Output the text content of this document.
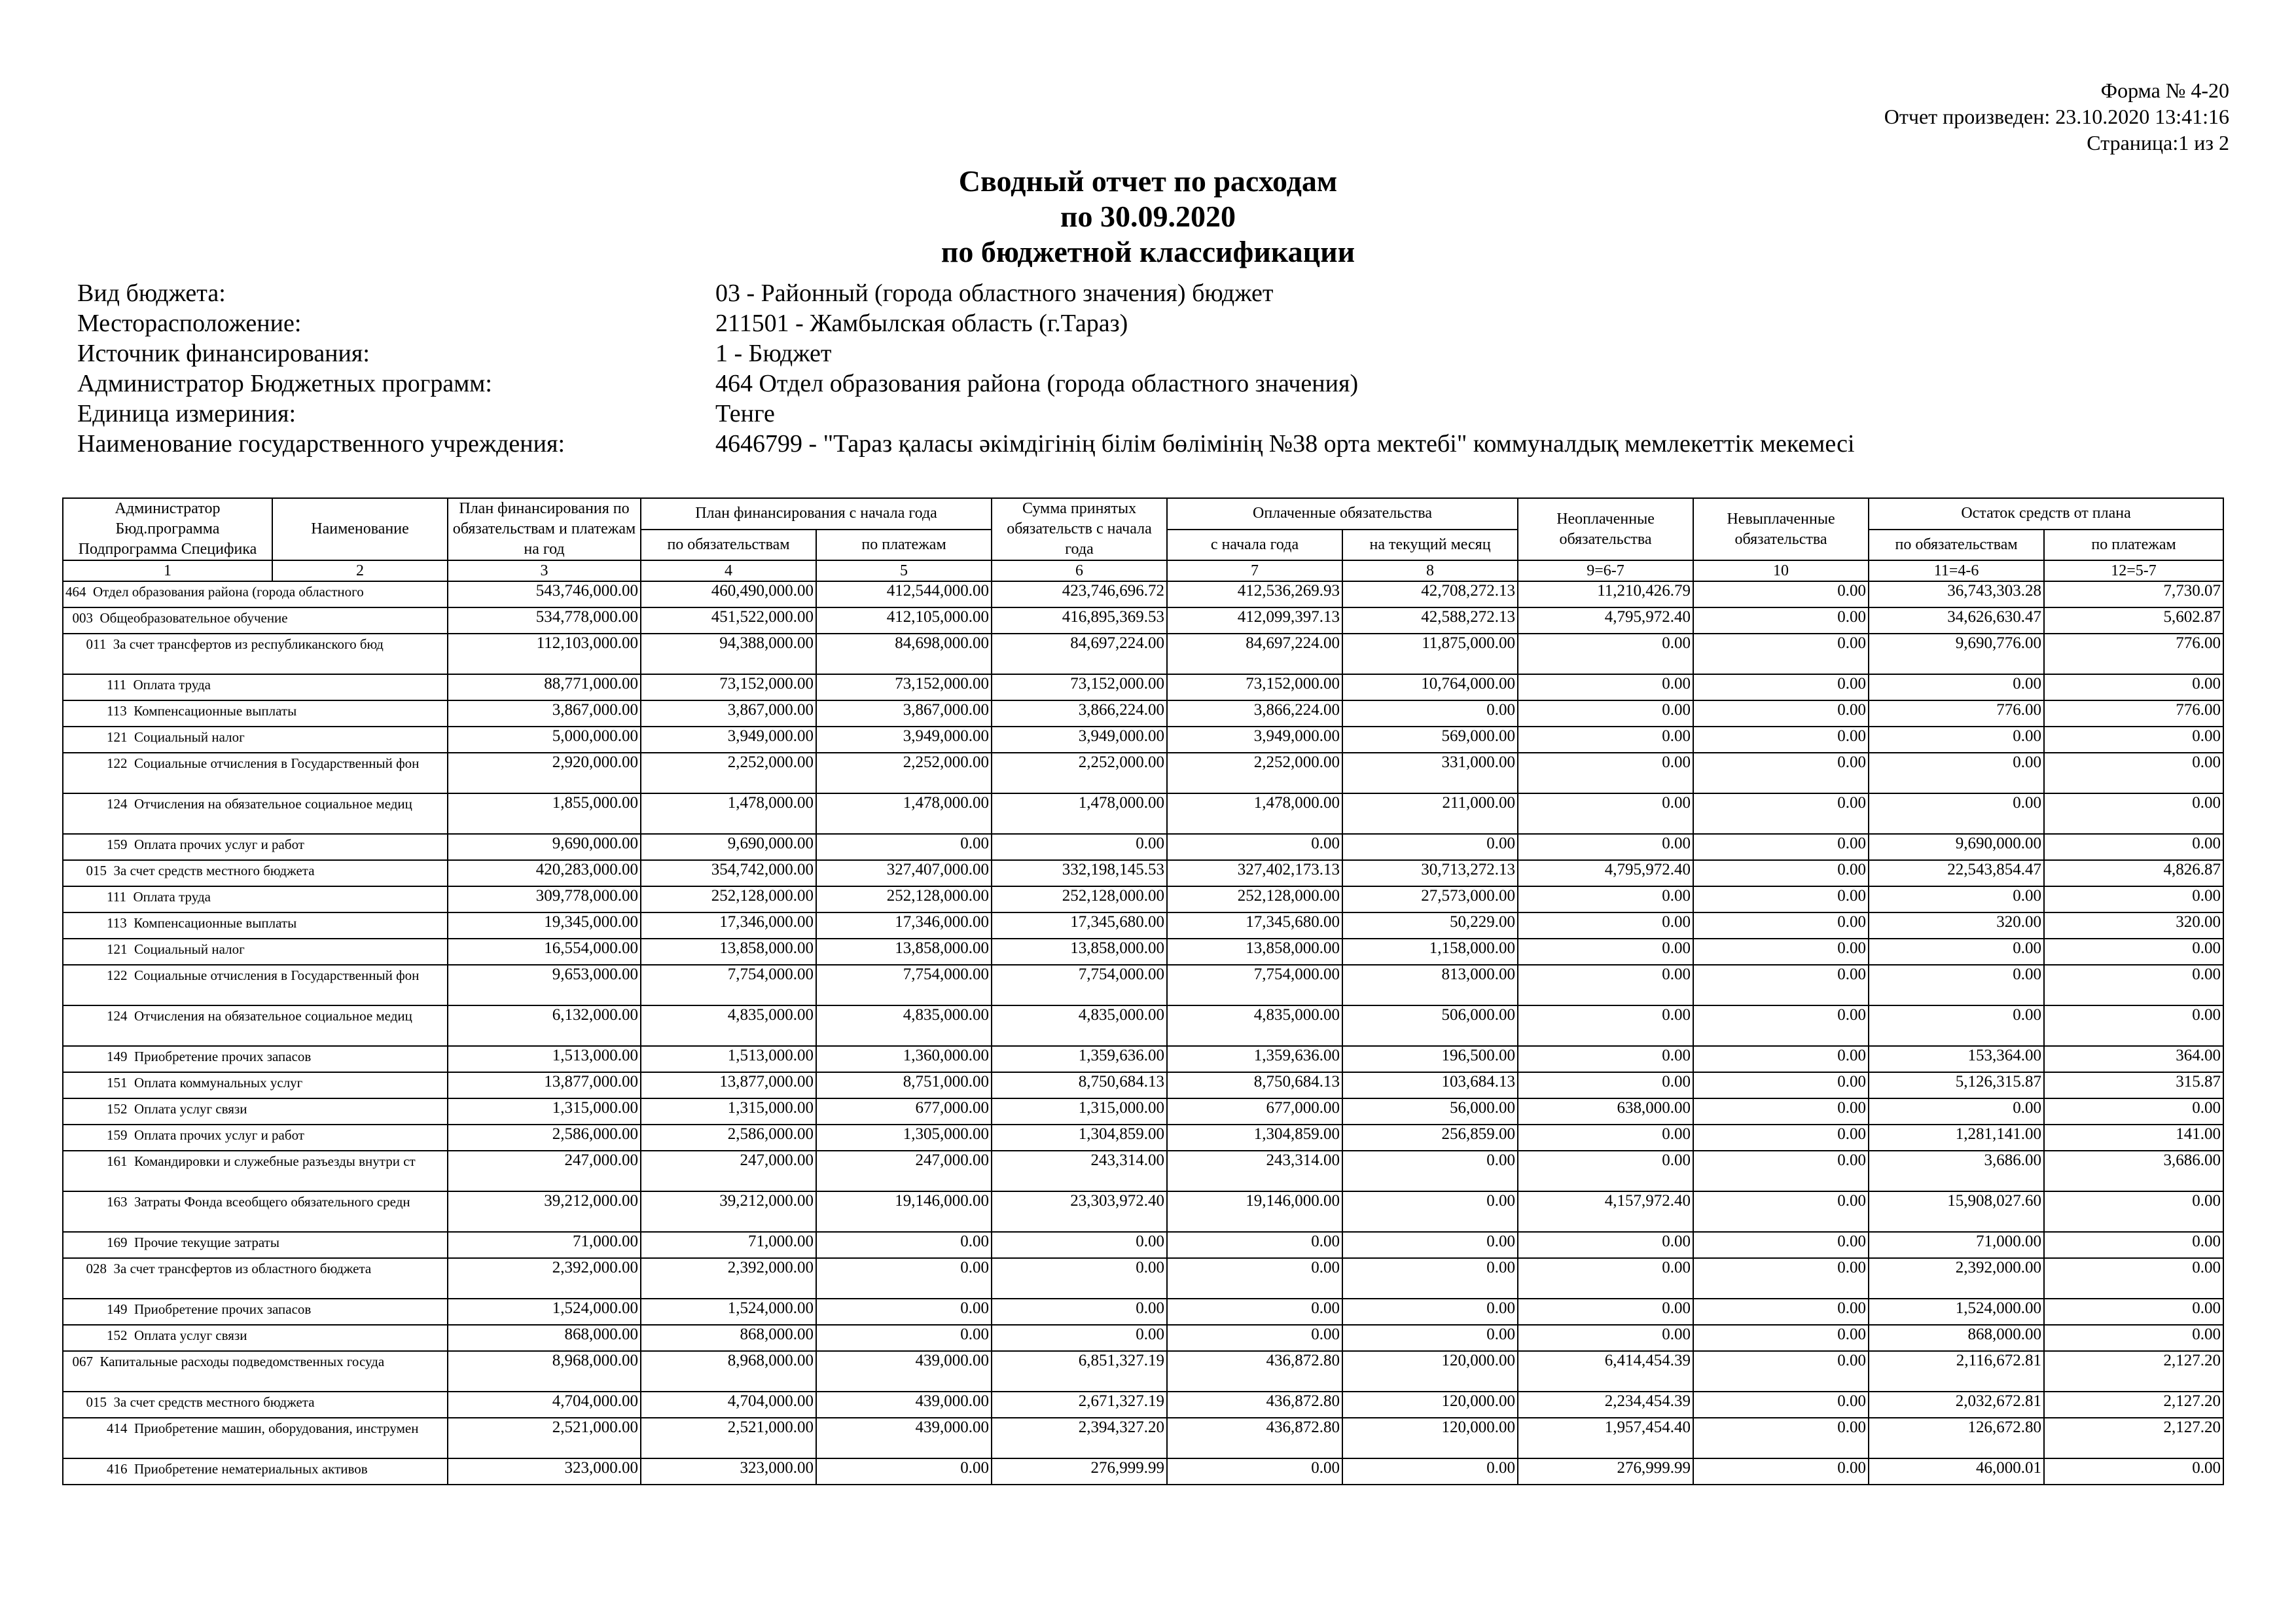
Форма № 4-20
Отчет произведен: 23.10.2020 13:41:16
Страница:1 из 2
Сводный отчет по расходам
по 30.09.2020
по бюджетной классификации
Вид бюджета:	03 - Районный (города областного значения) бюджет
Месторасположение:	211501 - Жамбылская область (г.Тараз)
Источник финансирования:	1 - Бюджет
Администратор Бюджетных программ:	464 Отдел образования района (города областного значения)
Единица измериния:	Тенге
Наименование государственного учреждения:	4646799 - "Тараз қаласы әкімдігінің білім бөлімінің №38 орта мектебі" коммуналдық мемлекеттік мекемесі
Администратор Бюд.программа Подпрограмма Специфика	Наименование	План финансирования по обязательствам и платежам на год	План финансирования с начала года		Сумма принятых обязательств с начала года	Оплаченные обязательства		Неоплаченные обязательства	Невыплаченные обязательства	Остаток средств от плана	
			по обязательствам	по платежам		с начала года	на текущий месяц			по обязательствам	по платежам
1	2	3	4	5	6	7	8	9=6-7	10	11=4-6	12=5-7
464  Отдел образования района (города областного		543,746,000.00	460,490,000.00	412,544,000.00	423,746,696.72	412,536,269.93	42,708,272.13	11,210,426.79	0.00	36,743,303.28	7,730.07
003  Общеобразовательное обучение		534,778,000.00	451,522,000.00	412,105,000.00	416,895,369.53	412,099,397.13	42,588,272.13	4,795,972.40	0.00	34,626,630.47	5,602.87
011  За счет трансфертов из республиканского бюд		112,103,000.00	94,388,000.00	84,698,000.00	84,697,224.00	84,697,224.00	11,875,000.00	0.00	0.00	9,690,776.00	776.00
111  Оплата труда		88,771,000.00	73,152,000.00	73,152,000.00	73,152,000.00	73,152,000.00	10,764,000.00	0.00	0.00	0.00	0.00
113  Компенсационные выплаты		3,867,000.00	3,867,000.00	3,867,000.00	3,866,224.00	3,866,224.00	0.00	0.00	0.00	776.00	776.00
121  Социальный налог		5,000,000.00	3,949,000.00	3,949,000.00	3,949,000.00	3,949,000.00	569,000.00	0.00	0.00	0.00	0.00
122  Социальные отчисления в Государственный фон		2,920,000.00	2,252,000.00	2,252,000.00	2,252,000.00	2,252,000.00	331,000.00	0.00	0.00	0.00	0.00
124  Отчисления на обязательное социальное медиц		1,855,000.00	1,478,000.00	1,478,000.00	1,478,000.00	1,478,000.00	211,000.00	0.00	0.00	0.00	0.00
159  Оплата прочих услуг и работ		9,690,000.00	9,690,000.00	0.00	0.00	0.00	0.00	0.00	0.00	9,690,000.00	0.00
015  За счет средств местного бюджета		420,283,000.00	354,742,000.00	327,407,000.00	332,198,145.53	327,402,173.13	30,713,272.13	4,795,972.40	0.00	22,543,854.47	4,826.87
111  Оплата труда		309,778,000.00	252,128,000.00	252,128,000.00	252,128,000.00	252,128,000.00	27,573,000.00	0.00	0.00	0.00	0.00
113  Компенсационные выплаты		19,345,000.00	17,346,000.00	17,346,000.00	17,345,680.00	17,345,680.00	50,229.00	0.00	0.00	320.00	320.00
121  Социальный налог		16,554,000.00	13,858,000.00	13,858,000.00	13,858,000.00	13,858,000.00	1,158,000.00	0.00	0.00	0.00	0.00
122  Социальные отчисления в Государственный фон		9,653,000.00	7,754,000.00	7,754,000.00	7,754,000.00	7,754,000.00	813,000.00	0.00	0.00	0.00	0.00
124  Отчисления на обязательное социальное медиц		6,132,000.00	4,835,000.00	4,835,000.00	4,835,000.00	4,835,000.00	506,000.00	0.00	0.00	0.00	0.00
149  Приобретение прочих запасов		1,513,000.00	1,513,000.00	1,360,000.00	1,359,636.00	1,359,636.00	196,500.00	0.00	0.00	153,364.00	364.00
151  Оплата коммунальных услуг		13,877,000.00	13,877,000.00	8,751,000.00	8,750,684.13	8,750,684.13	103,684.13	0.00	0.00	5,126,315.87	315.87
152  Оплата услуг связи		1,315,000.00	1,315,000.00	677,000.00	1,315,000.00	677,000.00	56,000.00	638,000.00	0.00	0.00	0.00
159  Оплата прочих услуг и работ		2,586,000.00	2,586,000.00	1,305,000.00	1,304,859.00	1,304,859.00	256,859.00	0.00	0.00	1,281,141.00	141.00
161  Командировки и служебные разъезды внутри ст		247,000.00	247,000.00	247,000.00	243,314.00	243,314.00	0.00	0.00	0.00	3,686.00	3,686.00
163  Затраты Фонда всеобщего обязательного средн		39,212,000.00	39,212,000.00	19,146,000.00	23,303,972.40	19,146,000.00	0.00	4,157,972.40	0.00	15,908,027.60	0.00
169  Прочие текущие затраты		71,000.00	71,000.00	0.00	0.00	0.00	0.00	0.00	0.00	71,000.00	0.00
028  За счет трансфертов из областного бюджета		2,392,000.00	2,392,000.00	0.00	0.00	0.00	0.00	0.00	0.00	2,392,000.00	0.00
149  Приобретение прочих запасов		1,524,000.00	1,524,000.00	0.00	0.00	0.00	0.00	0.00	0.00	1,524,000.00	0.00
152  Оплата услуг связи		868,000.00	868,000.00	0.00	0.00	0.00	0.00	0.00	0.00	868,000.00	0.00
067  Капитальные расходы подведомственных госуда		8,968,000.00	8,968,000.00	439,000.00	6,851,327.19	436,872.80	120,000.00	6,414,454.39	0.00	2,116,672.81	2,127.20
015  За счет средств местного бюджета		4,704,000.00	4,704,000.00	439,000.00	2,671,327.19	436,872.80	120,000.00	2,234,454.39	0.00	2,032,672.81	2,127.20
414  Приобретение машин, оборудования, инструмен		2,521,000.00	2,521,000.00	439,000.00	2,394,327.20	436,872.80	120,000.00	1,957,454.40	0.00	126,672.80	2,127.20
416  Приобретение нематериальных активов		323,000.00	323,000.00	0.00	276,999.99	0.00	0.00	276,999.99	0.00	46,000.01	0.00
